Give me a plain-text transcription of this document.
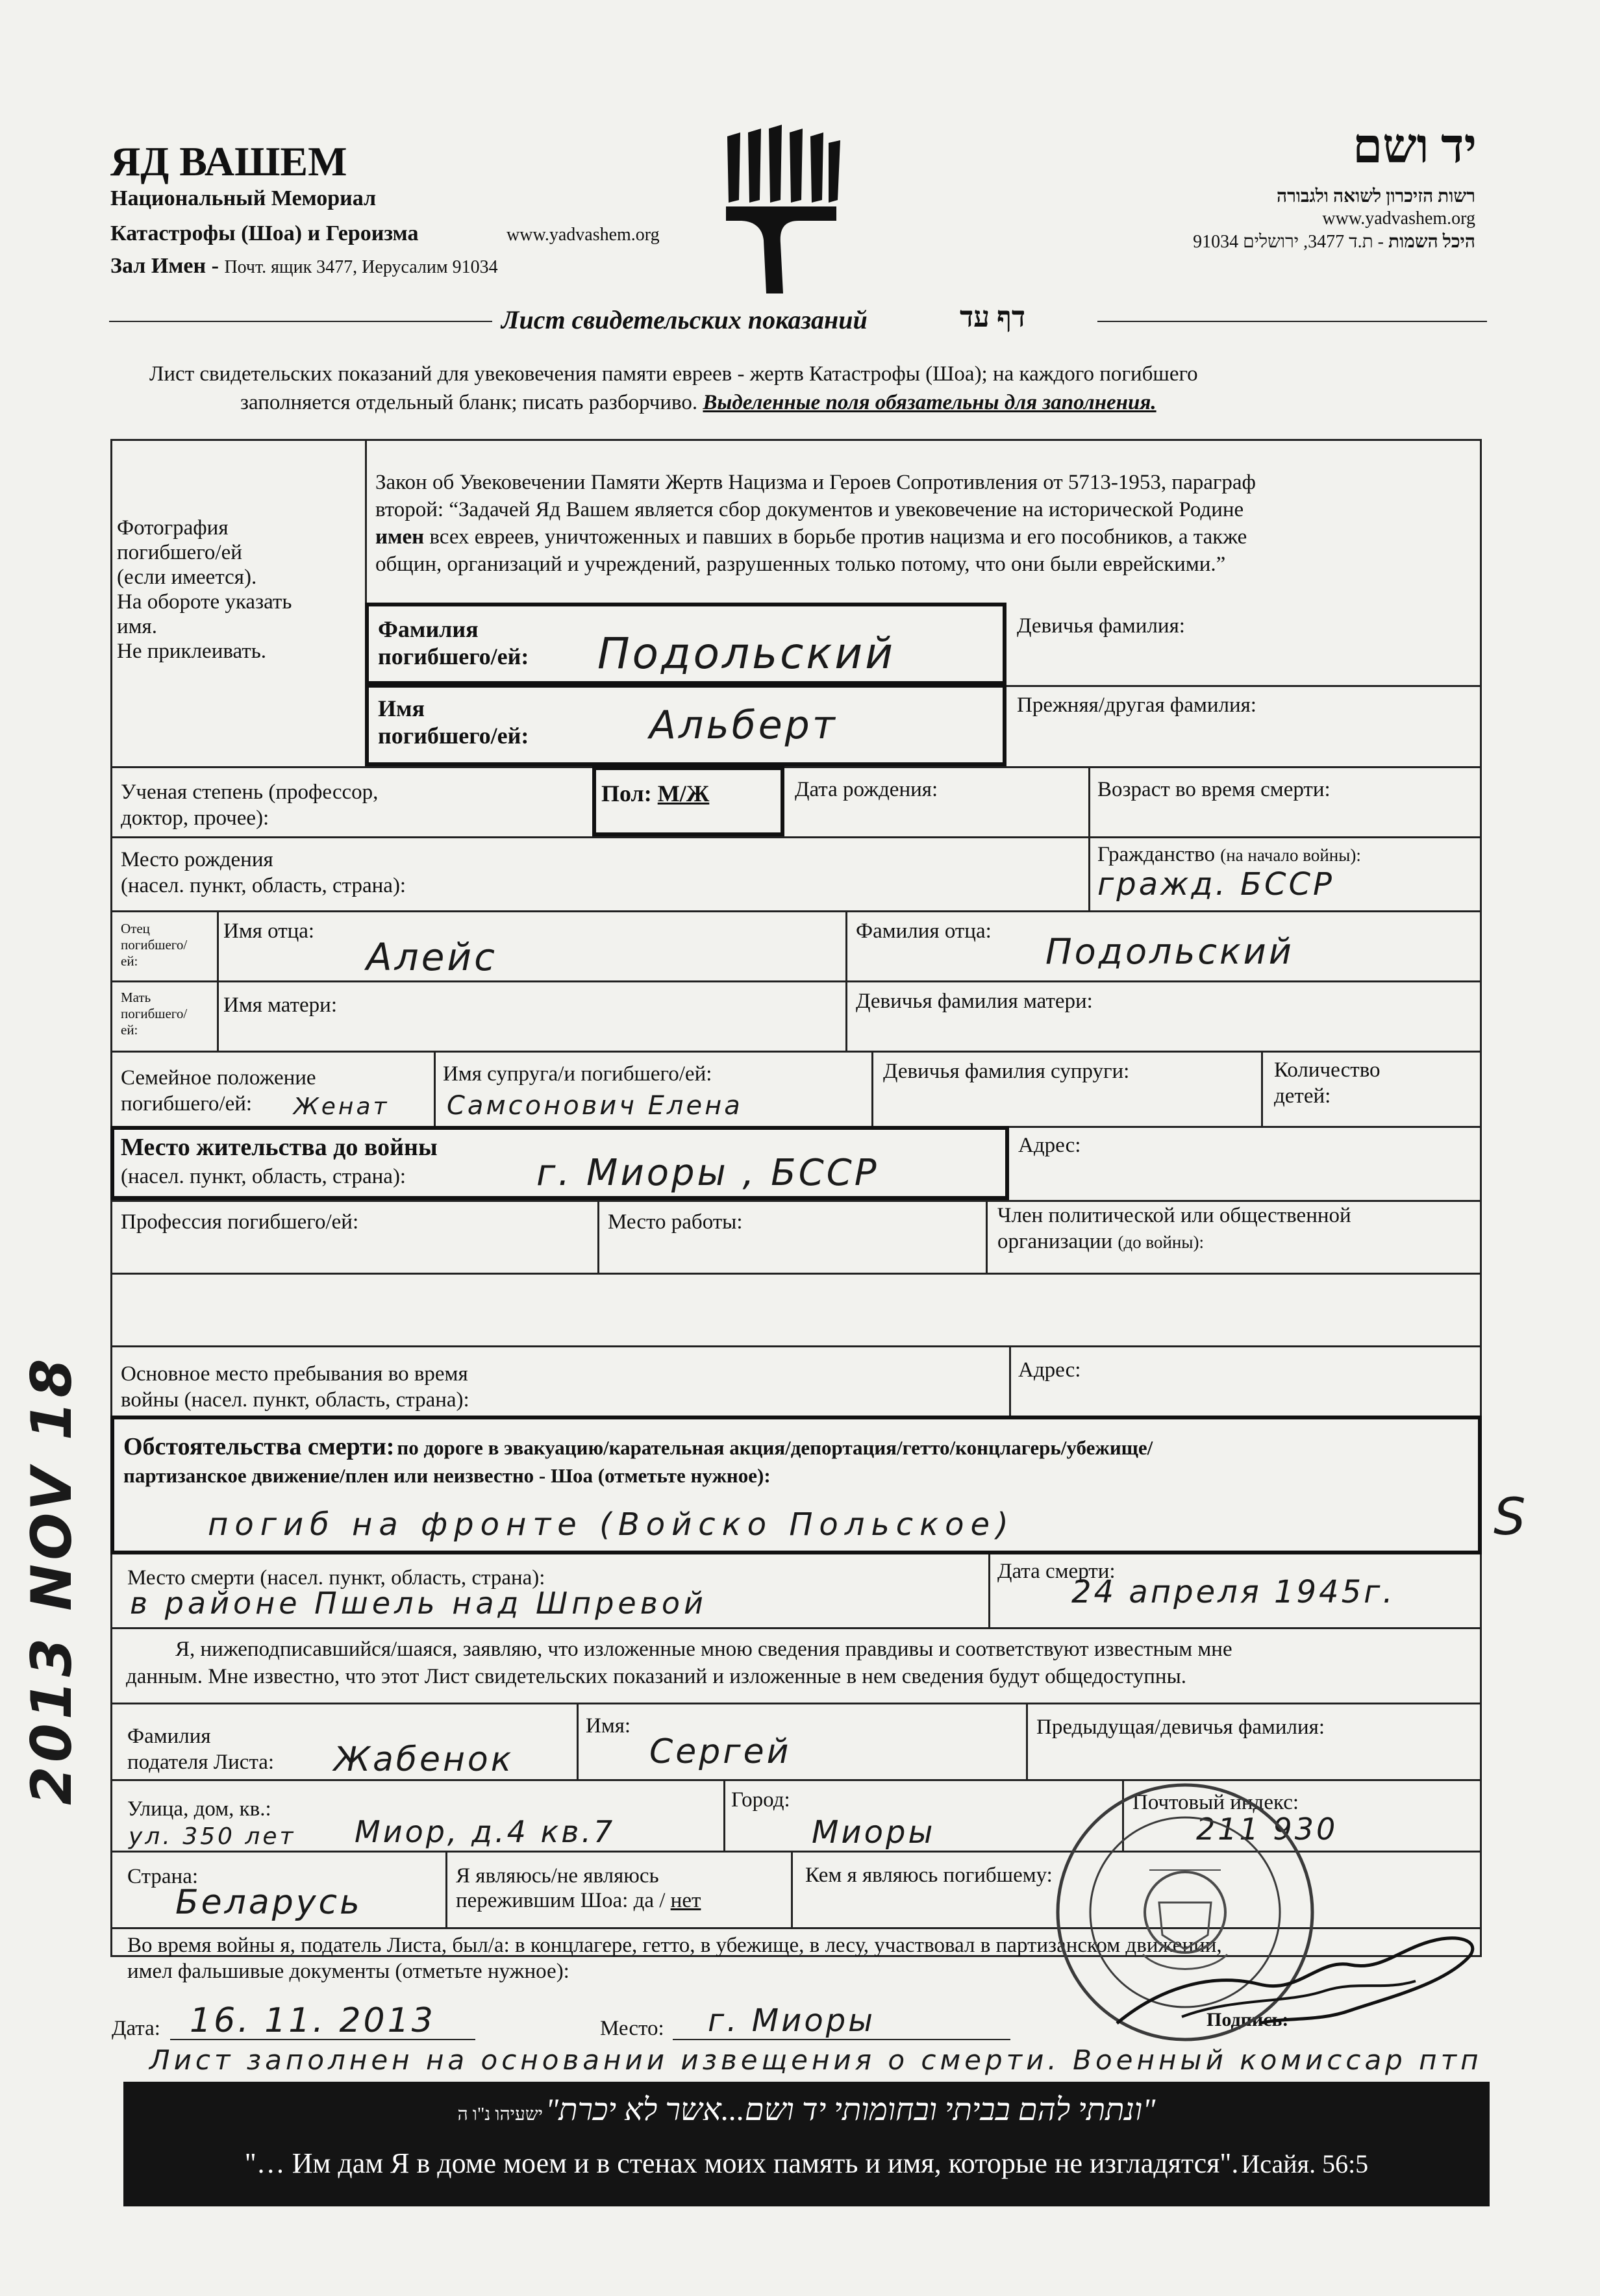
ЯД ВАШЕМ
Национальный Мемориал
Катастрофы (Шоа) и Героизма	www.yadvashem.org
Зал Имен - Почт. ящик 3477, Иерусалим 91034
יד ושם
רשות הזיכרון לשואה ולגבורה
www.yadvashem.org
היכל השמות - ת.ד 3477, ירושלים 91034
Лист свидетельских показаний	דף עד
Лист свидетельских показаний для увековечения памяти евреев - жертв Катастрофы (Шоа); на каждого погибшего
заполняется отдельный бланк; писать разборчиво. Выделенные поля обязательны для заполнения.
Фотография
погибшего/ей
(если имеется).
На обороте указать
имя.
Не приклеивать.
Закон об Увековечении Памяти Жертв Нацизма и Героев Сопротивления от 5713-1953, параграф
второй: “Задачей Яд Вашем является сбор документов и увековечение на исторической Родине
имен всех евреев, уничтоженных и павших в борьбе против нацизма и его пособников, а также
общин, организаций и учреждений, разрушенных только потому, что они были еврейскими.”
Фамилия
погибшего/ей: Подольский
Девичья фамилия:
Имя
погибшего/ей:	Альберт	Прежняя/другая фамилия:
Ученая степень (профессор,
доктор, прочее):
Пол: М/Ж	Дата рождения:	Возраст во время смерти:
Место рождения
(насел. пункт, область, страна):
Гражданство (на начало войны):
гражд. БССР
Отец
погибшего/
ей:
Имя отца:
Алейс
Фамилия отца: Подольский
Мать
погибшего/
ей:
Имя матери:	Девичья фамилия матери:
Семейное положение
погибшего/ей:	Женат
Имя супруга/и погибшего/ей:
Самсонович Елена
Девичья фамилия супруги:	Количество
детей:
Место жительства до войны
(насел. пункт, область, страна):	г. Миоры , БССР
Адрес:
Профессия погибшего/ей:	Место работы:	Член политической или общественной
организации (до войны):
Основное место пребывания во время
войны (насел. пункт, область, страна):
Адрес:
Обстоятельства смерти: по дороге в эвакуацию/карательная акция/депортация/гетто/концлагерь/убежище/
партизанское движение/плен или неизвестно - Шоа (отметьте нужное):
погиб на фронте (Войско Польское)
Место смерти (насел. пункт, область, страна):
в районе Пшель над Шпревой
Дата смерти:
24 апреля 1945г.
Я, нижеподписавшийся/шаяся, заявляю, что изложенные мною сведения правдивы и соответствуют известным мне
данным. Мне известно, что этот Лист свидетельских показаний и изложенные в нем сведения будут общедоступны.
Фамилия
подателя Листа: Жабенок
Имя:
Сергей
Предыдущая/девичья фамилия:
Улица, дом, кв.:
ул. 350 лет Миор, д.4 кв.7
Город:
Миоры
Почтовый индекс:
211 930
Страна:
Беларусь
Я являюсь/не являюсь
пережившим Шоа: да / нет
Кем я являюсь погибшему:
Во время войны я, податель Листа, был/а: в концлагере, гетто, в убежище, в лесу, участвовал в партизанском движении,
имел фальшивые документы (отметьте нужное):
Дата: 16. 11. 2013	Место: г. Миоры	Подпись:
Лист заполнен на основании извещения о смерти. Военный комиссар птп
2013 NOV 18	S
"ונתתי להם בביתי ובחומותי יד ושם...אשר לא יכרת" ישעיהו נ"ו ה
"… Им дам Я в доме моем и в стенах моих память и имя, которые не изгладятся". Исайя. 56:5
